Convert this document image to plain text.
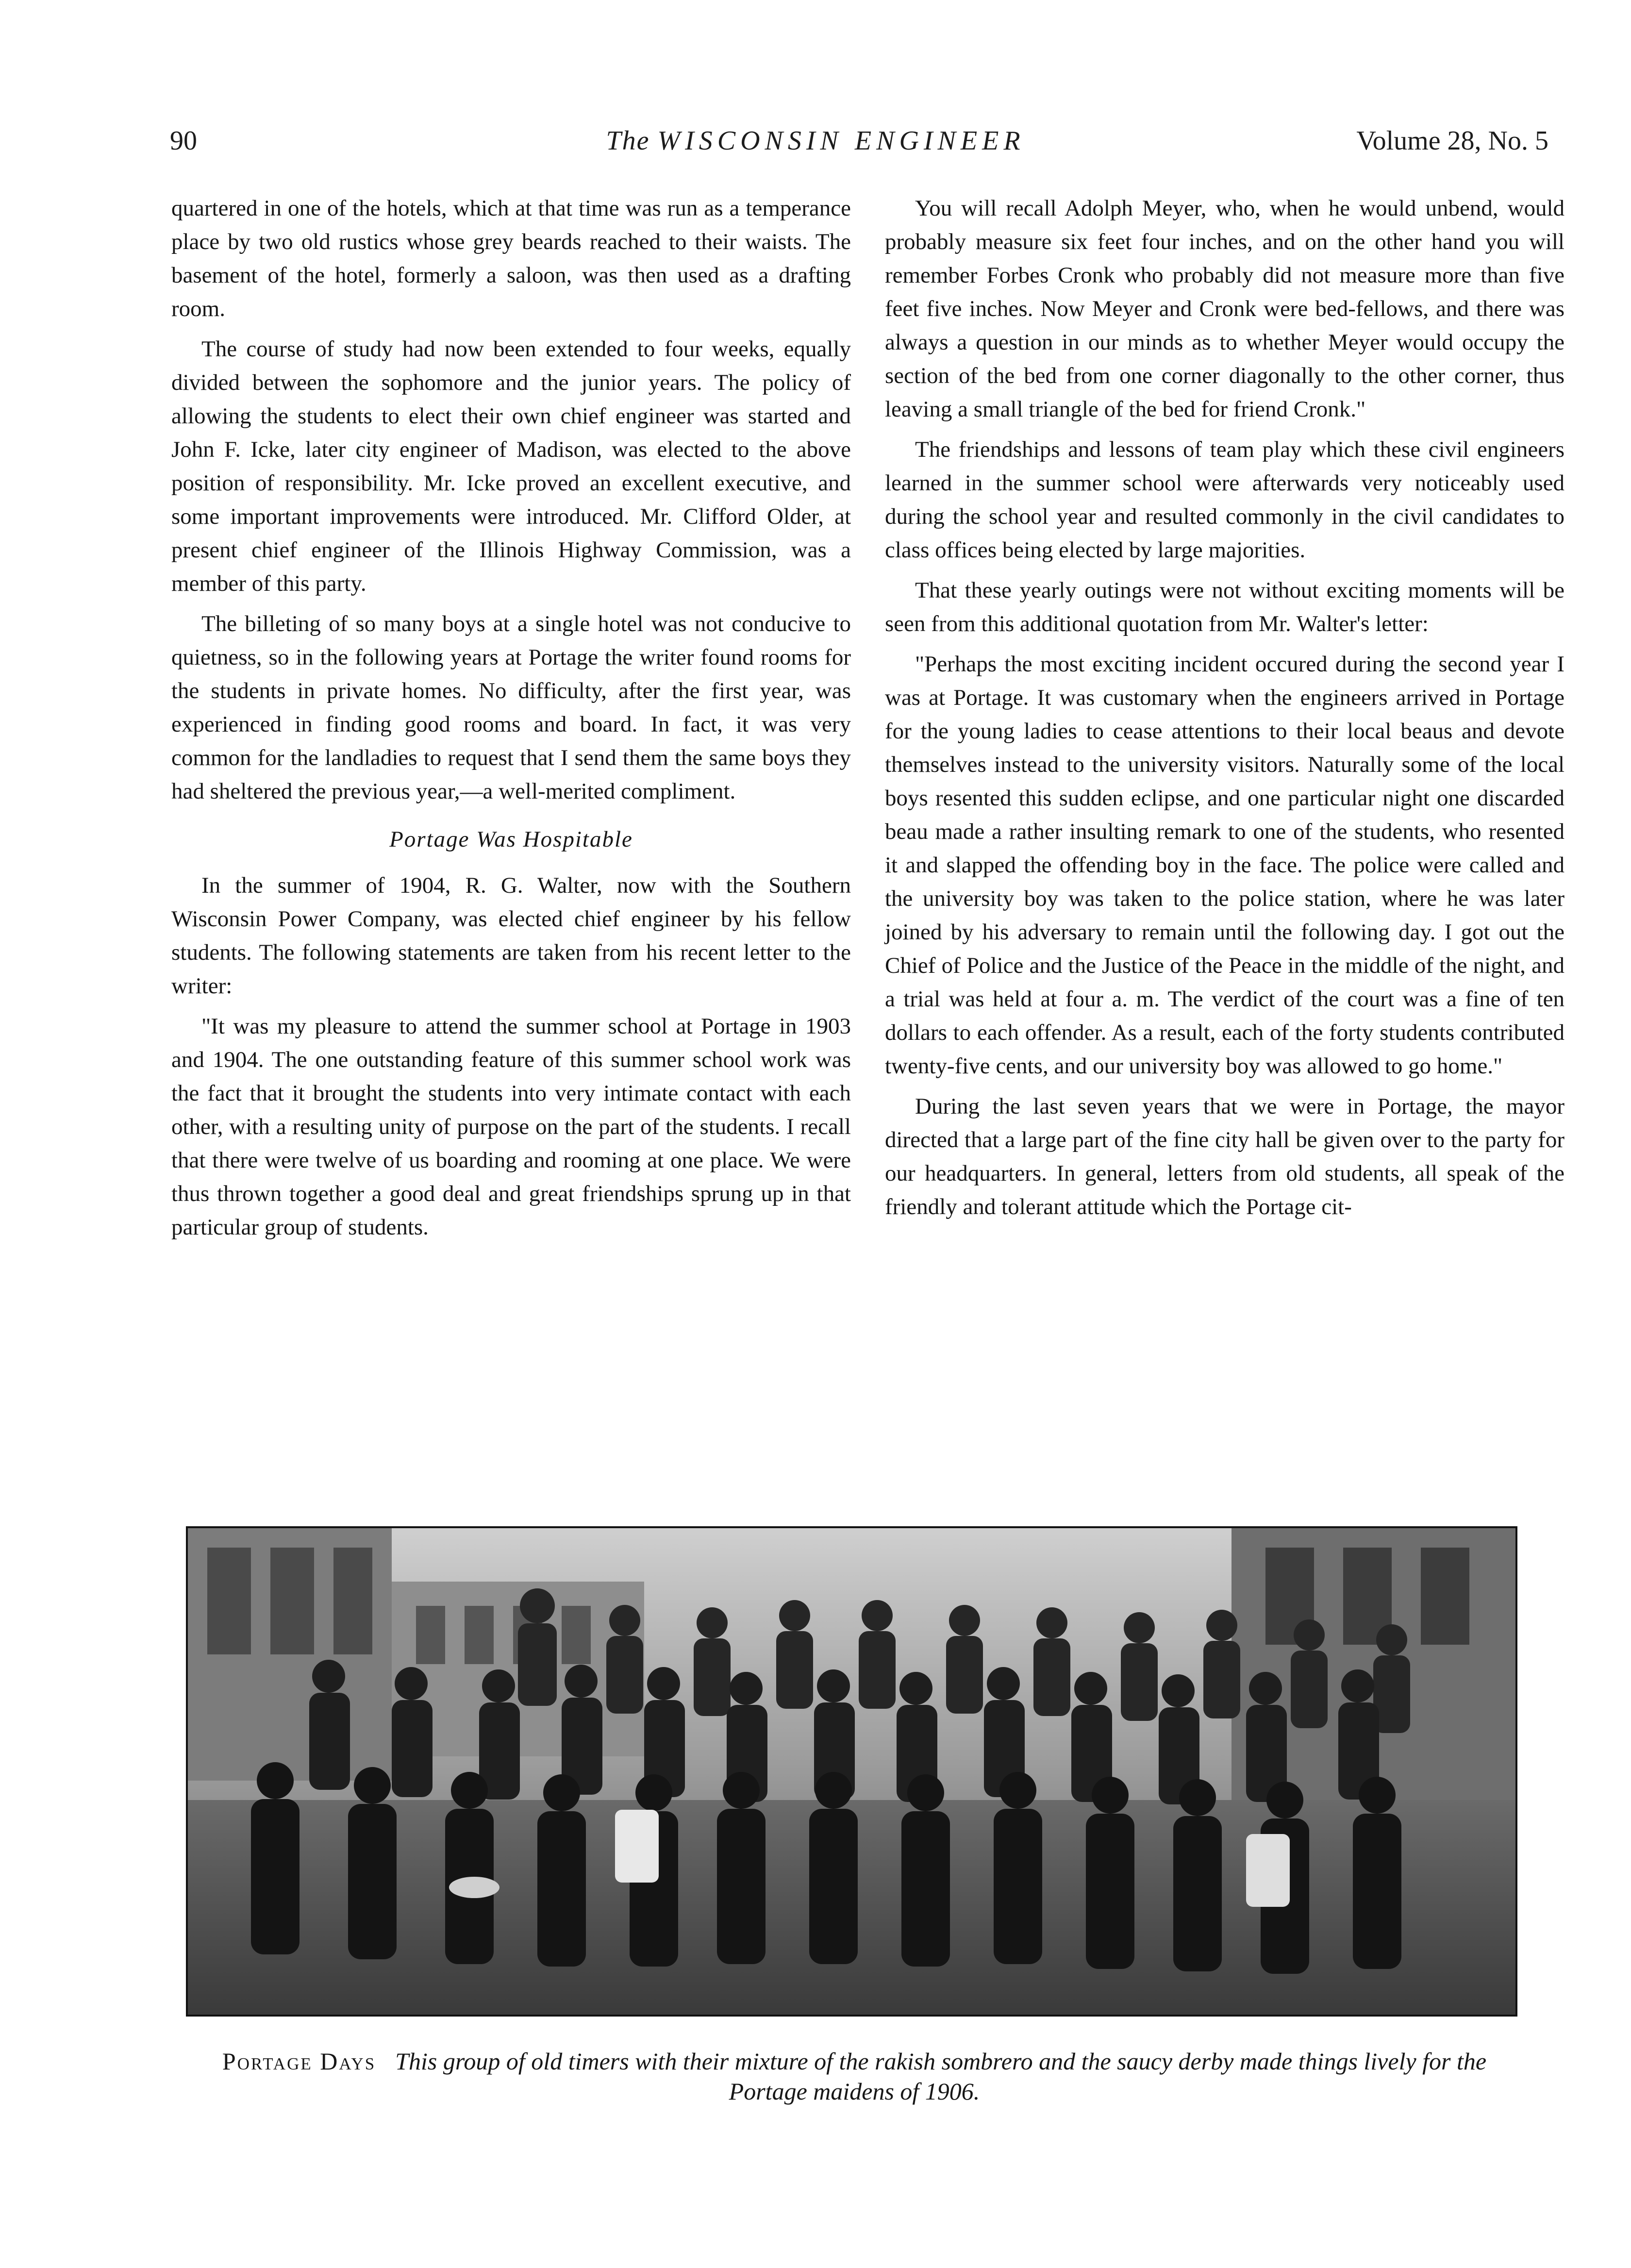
90	The WISCONSIN ENGINEER	Volume 28, No. 5

quartered in one of the hotels, which at that time was run as a temperance place by two old rustics whose grey beards reached to their waists. The basement of the hotel, formerly a saloon, was then used as a drafting room.

The course of study had now been extended to four weeks, equally divided between the sophomore and the junior years. The policy of allowing the students to elect their own chief engineer was started and John F. Icke, later city engineer of Madison, was elected to the above position of responsibility. Mr. Icke proved an excellent executive, and some important improvements were introduced. Mr. Clifford Older, at present chief engineer of the Illinois Highway Commission, was a member of this party.

The billeting of so many boys at a single hotel was not conducive to quietness, so in the following years at Portage the writer found rooms for the students in private homes. No difficulty, after the first year, was experienced in finding good rooms and board. In fact, it was very common for the landladies to request that I send them the same boys they had sheltered the previous year,—a well-merited compliment.

Portage Was Hospitable

In the summer of 1904, R. G. Walter, now with the Southern Wisconsin Power Company, was elected chief engineer by his fellow students. The following statements are taken from his recent letter to the writer:

"It was my pleasure to attend the summer school at Portage in 1903 and 1904. The one outstanding feature of this summer school work was the fact that it brought the students into very intimate contact with each other, with a resulting unity of purpose on the part of the students. I recall that there were twelve of us boarding and rooming at one place. We were thus thrown together a good deal and great friendships sprung up in that particular group of students.

You will recall Adolph Meyer, who, when he would unbend, would probably measure six feet four inches, and on the other hand you will remember Forbes Cronk who probably did not measure more than five feet five inches. Now Meyer and Cronk were bed-fellows, and there was always a question in our minds as to whether Meyer would occupy the section of the bed from one corner diagonally to the other corner, thus leaving a small triangle of the bed for friend Cronk."

The friendships and lessons of team play which these civil engineers learned in the summer school were afterwards very noticeably used during the school year and resulted commonly in the civil candidates to class offices being elected by large majorities.

That these yearly outings were not without exciting moments will be seen from this additional quotation from Mr. Walter's letter:

"Perhaps the most exciting incident occured during the second year I was at Portage. It was customary when the engineers arrived in Portage for the young ladies to cease attentions to their local beaus and devote themselves instead to the university visitors. Naturally some of the local boys resented this sudden eclipse, and one particular night one discarded beau made a rather insulting remark to one of the students, who resented it and slapped the offending boy in the face. The police were called and the university boy was taken to the police station, where he was later joined by his adversary to remain until the following day. I got out the Chief of Police and the Justice of the Peace in the middle of the night, and a trial was held at four a. m. The verdict of the court was a fine of ten dollars to each offender. As a result, each of the forty students contributed twenty-five cents, and our university boy was allowed to go home."

During the last seven years that we were in Portage, the mayor directed that a large part of the fine city hall be given over to the party for our headquarters. In general, letters from old students, all speak of the friendly and tolerant attitude which the Portage cit-

Portage Days This group of old timers with their mixture of the rakish sombrero and the saucy derby made things lively for the Portage maidens of 1906.
